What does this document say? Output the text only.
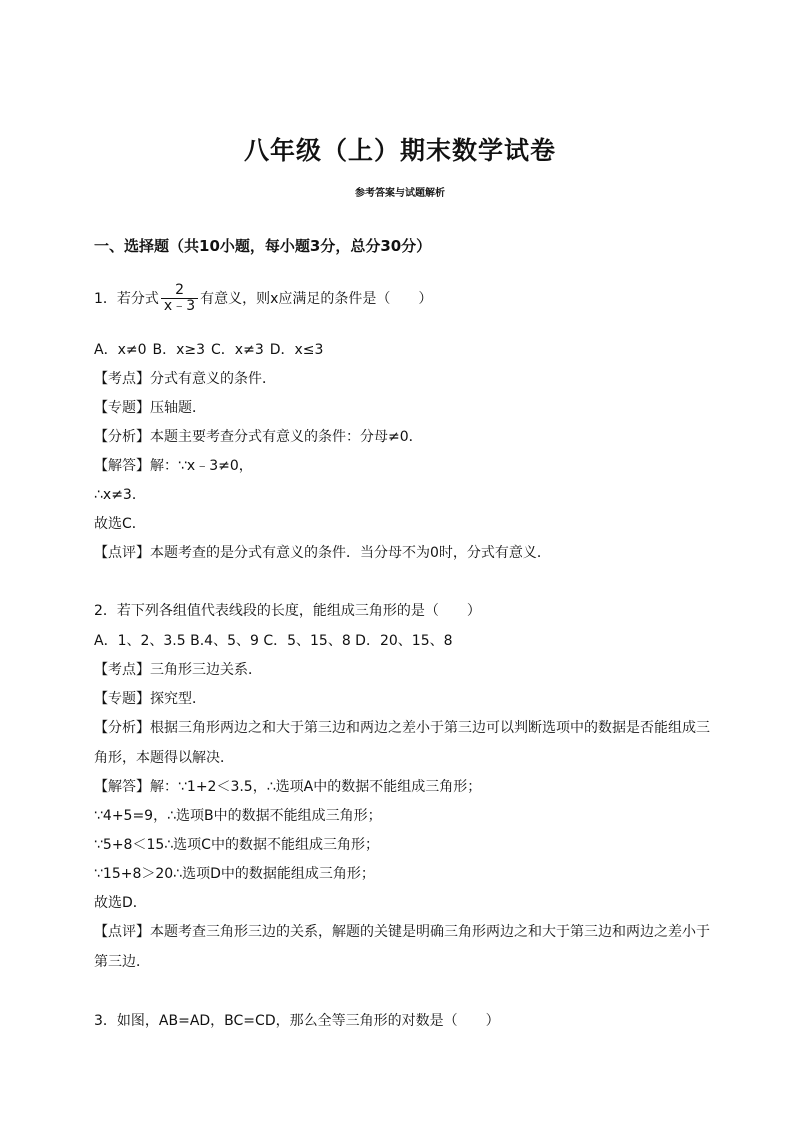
八年级（上）期末数学试卷
参考答案与试题解析
一、选择题（共10小题，每小题3分，总分30分）
1．若分式 $\frac{2}{x﹣3}$ 有意义，则x应满足的条件是（　　）
A．x≠0 B．x≥3 C．x≠3 D．x≤3
【考点】分式有意义的条件．
【专题】压轴题．
【分析】本题主要考查分式有意义的条件：分母≠0．
【解答】解：∵x﹣3≠0，
∴x≠3．
故选C．
【点评】本题考查的是分式有意义的条件．当分母不为0时，分式有意义．
2．若下列各组值代表线段的长度，能组成三角形的是（　　）
A．1、2、3.5 B.4、5、9 C．5、15、8 D．20、15、8
【考点】三角形三边关系．
【专题】探究型．
【分析】根据三角形两边之和大于第三边和两边之差小于第三边可以判断选项中的数据是否能组成三
角形，本题得以解决．
【解答】解：∵1+2＜3.5，∴选项A中的数据不能组成三角形；
∵4+5=9，∴选项B中的数据不能组成三角形；
∵5+8＜15∴选项C中的数据不能组成三角形；
∵15+8＞20∴选项D中的数据能组成三角形；
故选D．
【点评】本题考查三角形三边的关系，解题的关键是明确三角形两边之和大于第三边和两边之差小于
第三边．
3．如图，AB=AD，BC=CD，那么全等三角形的对数是（　　）
